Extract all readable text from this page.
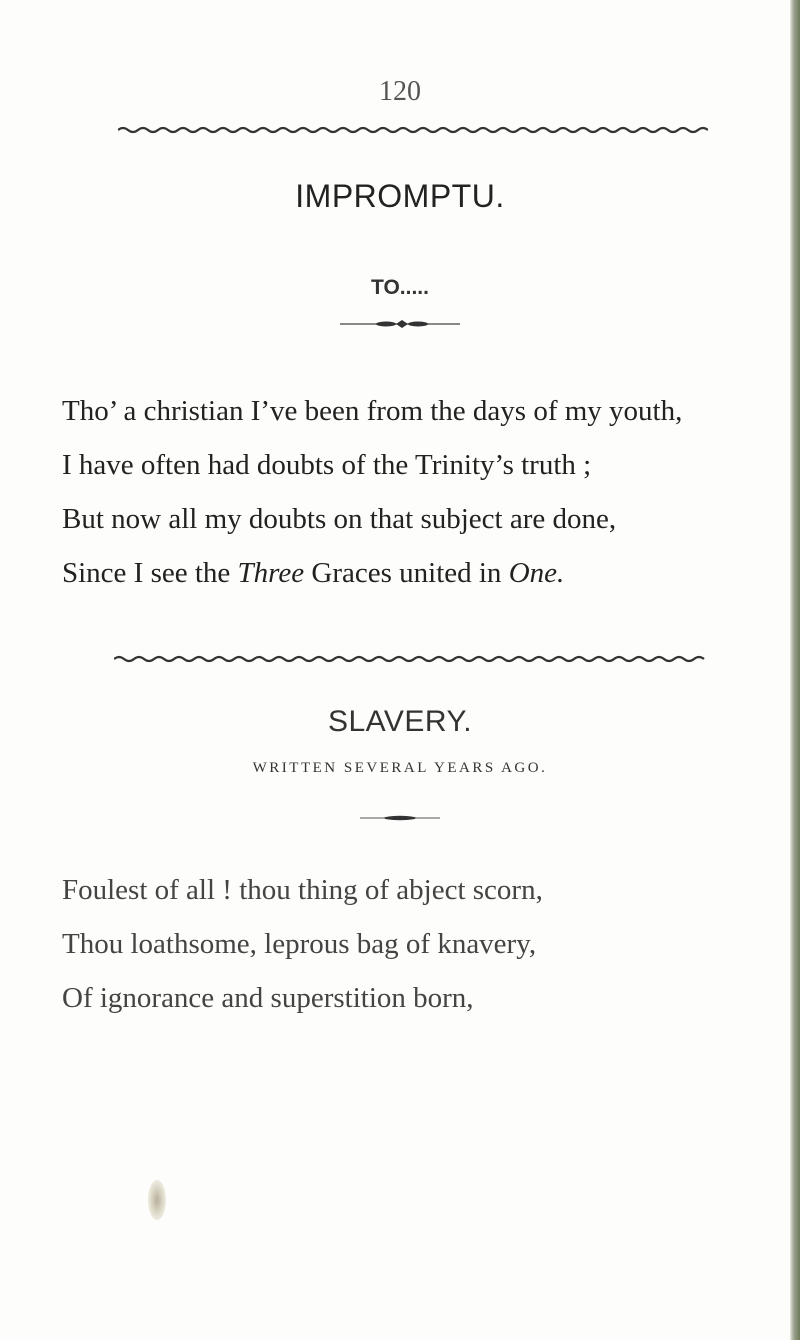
120
IMPROMPTU.
TO.....
Tho’ a christian I’ve been from the days of my youth,
I have often had doubts of the Trinity’s truth ;
But now all my doubts on that subject are done,
Since I see the Three Graces united in One.
SLAVERY.
WRITTEN SEVERAL YEARS AGO.
Foulest of all ! thou thing of abject scorn,
Thou loathsome, leprous bag of knavery,
Of ignorance and superstition born,
